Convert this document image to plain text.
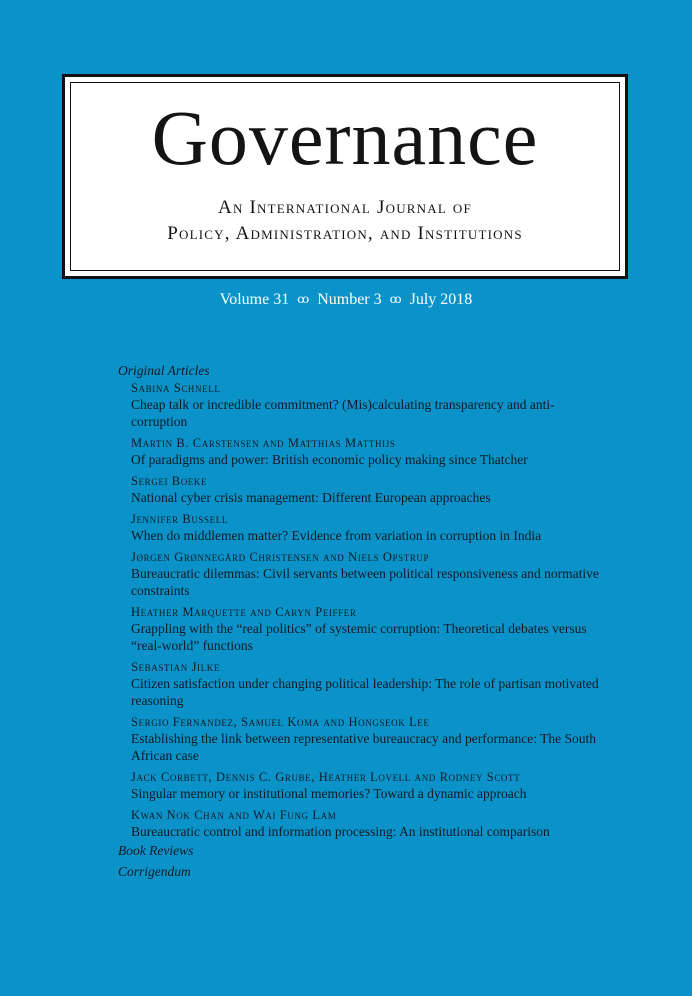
Governance
An International Journal of
Policy, Administration, and Institutions
Volume 31 ꝏ Number 3 ꝏ July 2018
Original Articles
Sabina Schnell
Cheap talk or incredible commitment? (Mis)calculating transparency and anti-corruption
Martin B. Carstensen and Matthias Matthijs
Of paradigms and power: British economic policy making since Thatcher
Sergei Boeke
National cyber crisis management: Different European approaches
Jennifer Bussell
When do middlemen matter? Evidence from variation in corruption in India
Jørgen Grønnegård Christensen and Niels Opstrup
Bureaucratic dilemmas: Civil servants between political responsiveness and normative constraints
Heather Marquette and Caryn Peiffer
Grappling with the “real politics” of systemic corruption: Theoretical debates versus “real-world” functions
Sebastian Jilke
Citizen satisfaction under changing political leadership: The role of partisan motivated reasoning
Sergio Fernandez, Samuel Koma and Hongseok Lee
Establishing the link between representative bureaucracy and performance: The South African case
Jack Corbett, Dennis C. Grube, Heather Lovell and Rodney Scott
Singular memory or institutional memories? Toward a dynamic approach
Kwan Nok Chan and Wai Fung Lam
Bureaucratic control and information processing: An institutional comparison
Book Reviews
Corrigendum
